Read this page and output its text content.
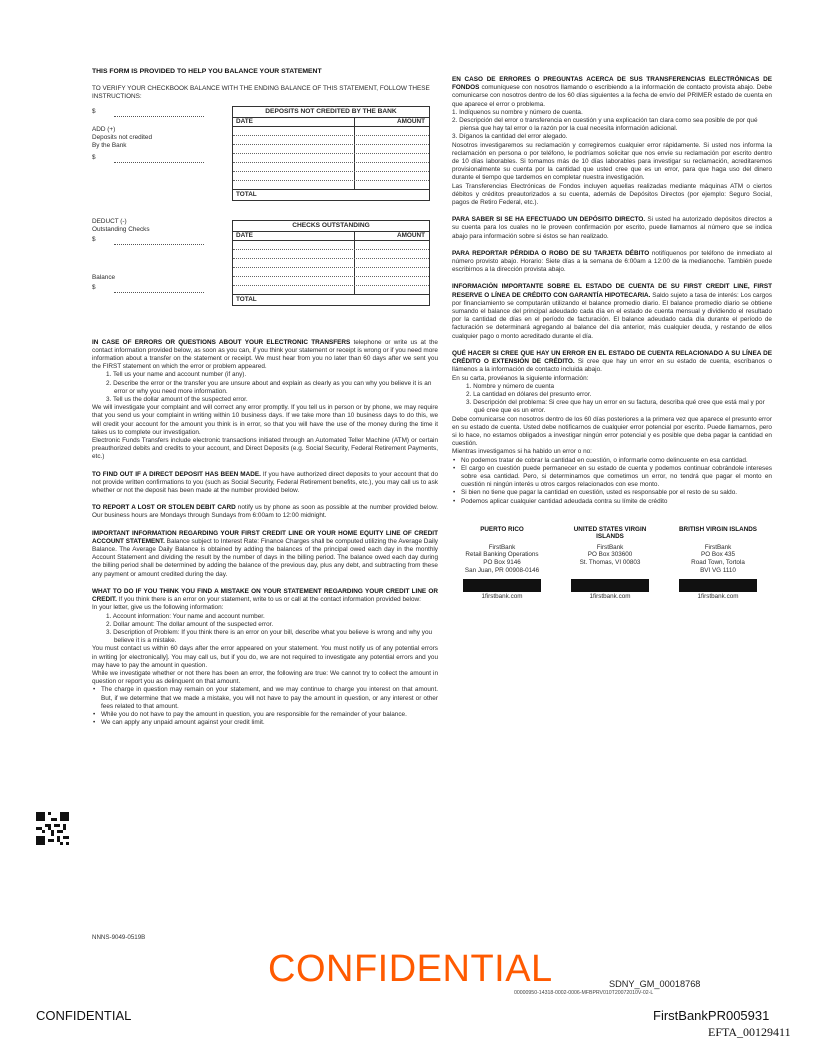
THIS FORM IS PROVIDED TO HELP YOU BALANCE YOUR STATEMENT
TO VERIFY YOUR CHECKBOOK BALANCE WITH THE ENDING BALANCE OF THIS STATEMENT, FOLLOW THESE INSTRUCTIONS:
$
ADD (+)
Deposits not credited
By the Bank
$
DEDUCT (-)
Outstanding Checks
$
Balance
$
DEPOSITS NOT CREDITED BY THE BANK
DATE	AMOUNT
TOTAL
CHECKS OUTSTANDING
DATE	AMOUNT
TOTAL
IN CASE OF ERRORS OR QUESTIONS ABOUT YOUR ELECTRONIC TRANSFERS telephone or write us at the contact information provided below, as soon as you can, if you think your statement or receipt is wrong or if you need more information about a transfer on the statement or receipt. We must hear from you no later than 60 days after we sent you the FIRST statement on which the error or problem appeared.
1. Tell us your name and account number (if any).
2. Describe the error or the transfer you are unsure about and explain as clearly as you can why you believe it is an error or why you need more information.
3. Tell us the dollar amount of the suspected error.

We will investigate your complaint and will correct any error promptly. If you tell us in person or by phone, we may require that you send us your complaint in writing within 10 business days. If we take more than 10 business days to do this, we will credit your account for the amount you think is in error, so that you will have the use of the money during the time it takes us to complete our investigation.

Electronic Funds Transfers include electronic transactions initiated through an Automated Teller Machine (ATM) or certain preauthorized debits and credits to your account, and Direct Deposits (e.g. Social Security, Federal Retirement Payments, etc.)

TO FIND OUT IF A DIRECT DEPOSIT HAS BEEN MADE. If you have authorized direct deposits to your account that do not provide written confirmations to you (such as Social Security, Federal Retirement benefits, etc.), you may call us to ask whether or not the deposit has been made at the number provided below.
TO REPORT A LOST OR STOLEN DEBIT CARD notify us by phone as soon as possible at the number provided below. Our business hours are Mondays through Sundays from 6:00am to 12:00 midnight.
IMPORTANT INFORMATION REGARDING YOUR FIRST CREDIT LINE OR YOUR HOME EQUITY LINE OF CREDIT ACCOUNT STATEMENT. Balance subject to Interest Rate: Finance Charges shall be computed utilizing the Average Daily Balance. The Average Daily Balance is obtained by adding the balances of the principal owed each day in the monthly Account Statement and dividing the result by the number of days in the billing period. The balance owed each day during the billing period shall be determined by adding the balance of the previous day, plus any debt, and subtracting from these any payment or amount credited during the day.
WHAT TO DO IF YOU THINK YOU FIND A MISTAKE ON YOUR STATEMENT REGARDING YOUR CREDIT LINE OR CREDIT. If you think there is an error on your statement, write to us or call at the contact information provided below:

In your letter, give us the following information:

1. Account information: Your name and account number.
2. Dollar amount: The dollar amount of the suspected error.
3. Description of Problem: If you think there is an error on your bill, describe what you believe is wrong and why you believe it is a mistake.

You must contact us within 60 days after the error appeared on your statement. You must notify us of any potential errors in writing [or electronically]. You may call us, but if you do, we are not required to investigate any potential errors and you may have to pay the amount in question.

While we investigate whether or not there has been an error, the following are true: We cannot try to collect the amount in question or report you as delinquent on that amount.

• The charge in question may remain on your statement, and we may continue to charge you interest on that amount. But, if we determine that we made a mistake, you will not have to pay the amount in question, or any interest or other fees related to that amount.
• While you do not have to pay the amount in question, you are responsible for the remainder of your balance.
• We can apply any unpaid amount against your credit limit.
NNNS-9049-0519B
EN CASO DE ERRORES O PREGUNTAS ACERCA DE SUS TRANSFERENCIAS ELECTRÓNICAS DE FONDOS comuníquese con nosotros llamando o escribiendo a la información de contacto provista abajo. Debe comunicarse con nosotros dentro de los 60 días siguientes a la fecha de envío del PRIMER estado de cuenta en que aparece el error o problema.
1. Indíquenos su nombre y número de cuenta.
2. Descripción del error o transferencia en cuestión y una explicación tan clara como sea posible de por qué piensa que hay tal error o la razón por la cual necesita información adicional.
3. Díganos la cantidad del error alegado.

Nosotros investigaremos su reclamación y corregiremos cualquier error rápidamente. Si usted nos informa la reclamación en persona o por teléfono, le podríamos solicitar que nos envíe su reclamación por escrito dentro de 10 días laborables. Si tomamos más de 10 días laborables para investigar su reclamación, acreditaremos provisionalmente su cuenta por la cantidad que usted cree que es un error, para que haga uso del dinero durante el tiempo que tardemos en completar nuestra investigación.

Las Transferencias Electrónicas de Fondos incluyen aquellas realizadas mediante máquinas ATM o ciertos débitos y créditos preautorizados a su cuenta, además de Depósitos Directos (por ejemplo: Seguro Social, pagos de Retiro Federal, etc.).

PARA SABER SI SE HA EFECTUADO UN DEPÓSITO DIRECTO. Si usted ha autorizado depósitos directos a su cuenta para los cuales no le proveen confirmación por escrito, puede llamarnos al número que se indica abajo para información sobre si éstos se han realizado.
PARA REPORTAR PÉRDIDA O ROBO DE SU TARJETA DÉBITO notifíquenos por teléfono de inmediato al número provisto abajo. Horario: Siete días a la semana de 6:00am a 12:00 de la medianoche. También puede escribirnos a la dirección provista abajo.
INFORMACIÓN IMPORTANTE SOBRE EL ESTADO DE CUENTA DE SU FIRST CREDIT LINE, FIRST RESERVE O LÍNEA DE CRÉDITO CON GARANTÍA HIPOTECARIA. Saldo sujeto a tasa de interés: Los cargos por financiamiento se computarán utilizando el balance promedio diario. El balance promedio diario se obtiene sumando el balance del principal adeudado cada día en el estado de cuenta mensual y dividiendo el resultado por la cantidad de días en el período de facturación. El balance adeudado cada día durante el período de facturación se determinará agregando al balance del día anterior, más cualquier deuda, y restando de ellos cualquier pago o monto acreditado durante el día.
QUÉ HACER SI CREE QUE HAY UN ERROR EN EL ESTADO DE CUENTA RELACIONADO A SU LÍNEA DE CRÉDITO O EXTENSIÓN DE CRÉDITO. Si cree que hay un error en su estado de cuenta, escríbanos o llámenos a la información de contacto incluida abajo.

En su carta, provéanos la siguiente información:

1. Nombre y número de cuenta
2. La cantidad en dólares del presunto error.
3. Descripción del problema: Si cree que hay un error en su factura, describa qué cree que está mal y por qué cree que es un error.

Debe comunicarse con nosotros dentro de los 60 días posteriores a la primera vez que aparece el presunto error en su estado de cuenta. Usted debe notificarnos de cualquier error potencial por escrito. Puede llamarnos, pero si lo hace, no estamos obligados a investigar ningún error potencial y es posible que deba pagar la cantidad en cuestión.

Mientras investigamos si ha habido un error o no:

• No podemos tratar de cobrar la cantidad en cuestión, o informarle como delincuente en esa cantidad.
• El cargo en cuestión puede permanecer en su estado de cuenta y podemos continuar cobrándole intereses sobre esa cantidad. Pero, si determinamos que cometimos un error, no tendrá que pagar el monto en cuestión ni ningún interés u otros cargos relacionados con ese monto.
• Si bien no tiene que pagar la cantidad en cuestión, usted es responsable por el resto de su saldo.
• Podemos aplicar cualquier cantidad adeudada contra su límite de crédito
PUERTO RICO
FirstBank
Retail Banking Operations
PO Box 9146
San Juan, PR 00908-0146
1firstbank.com
UNITED STATES VIRGIN ISLANDS
FirstBank
PO Box 303600
St. Thomas, VI 00803
1firstbank.com
BRITISH VIRGIN ISLANDS
FirstBank
PO Box 435
Road Town, Tortola
BVI VG 1110
1firstbank.com
CONFIDENTIAL	SDNY_GM_00018768
00000950-14318-0002-0006-MFBPRV010T20072010V-02-L
CONFIDENTIAL	FirstBankPR005931
EFTA_00129411
